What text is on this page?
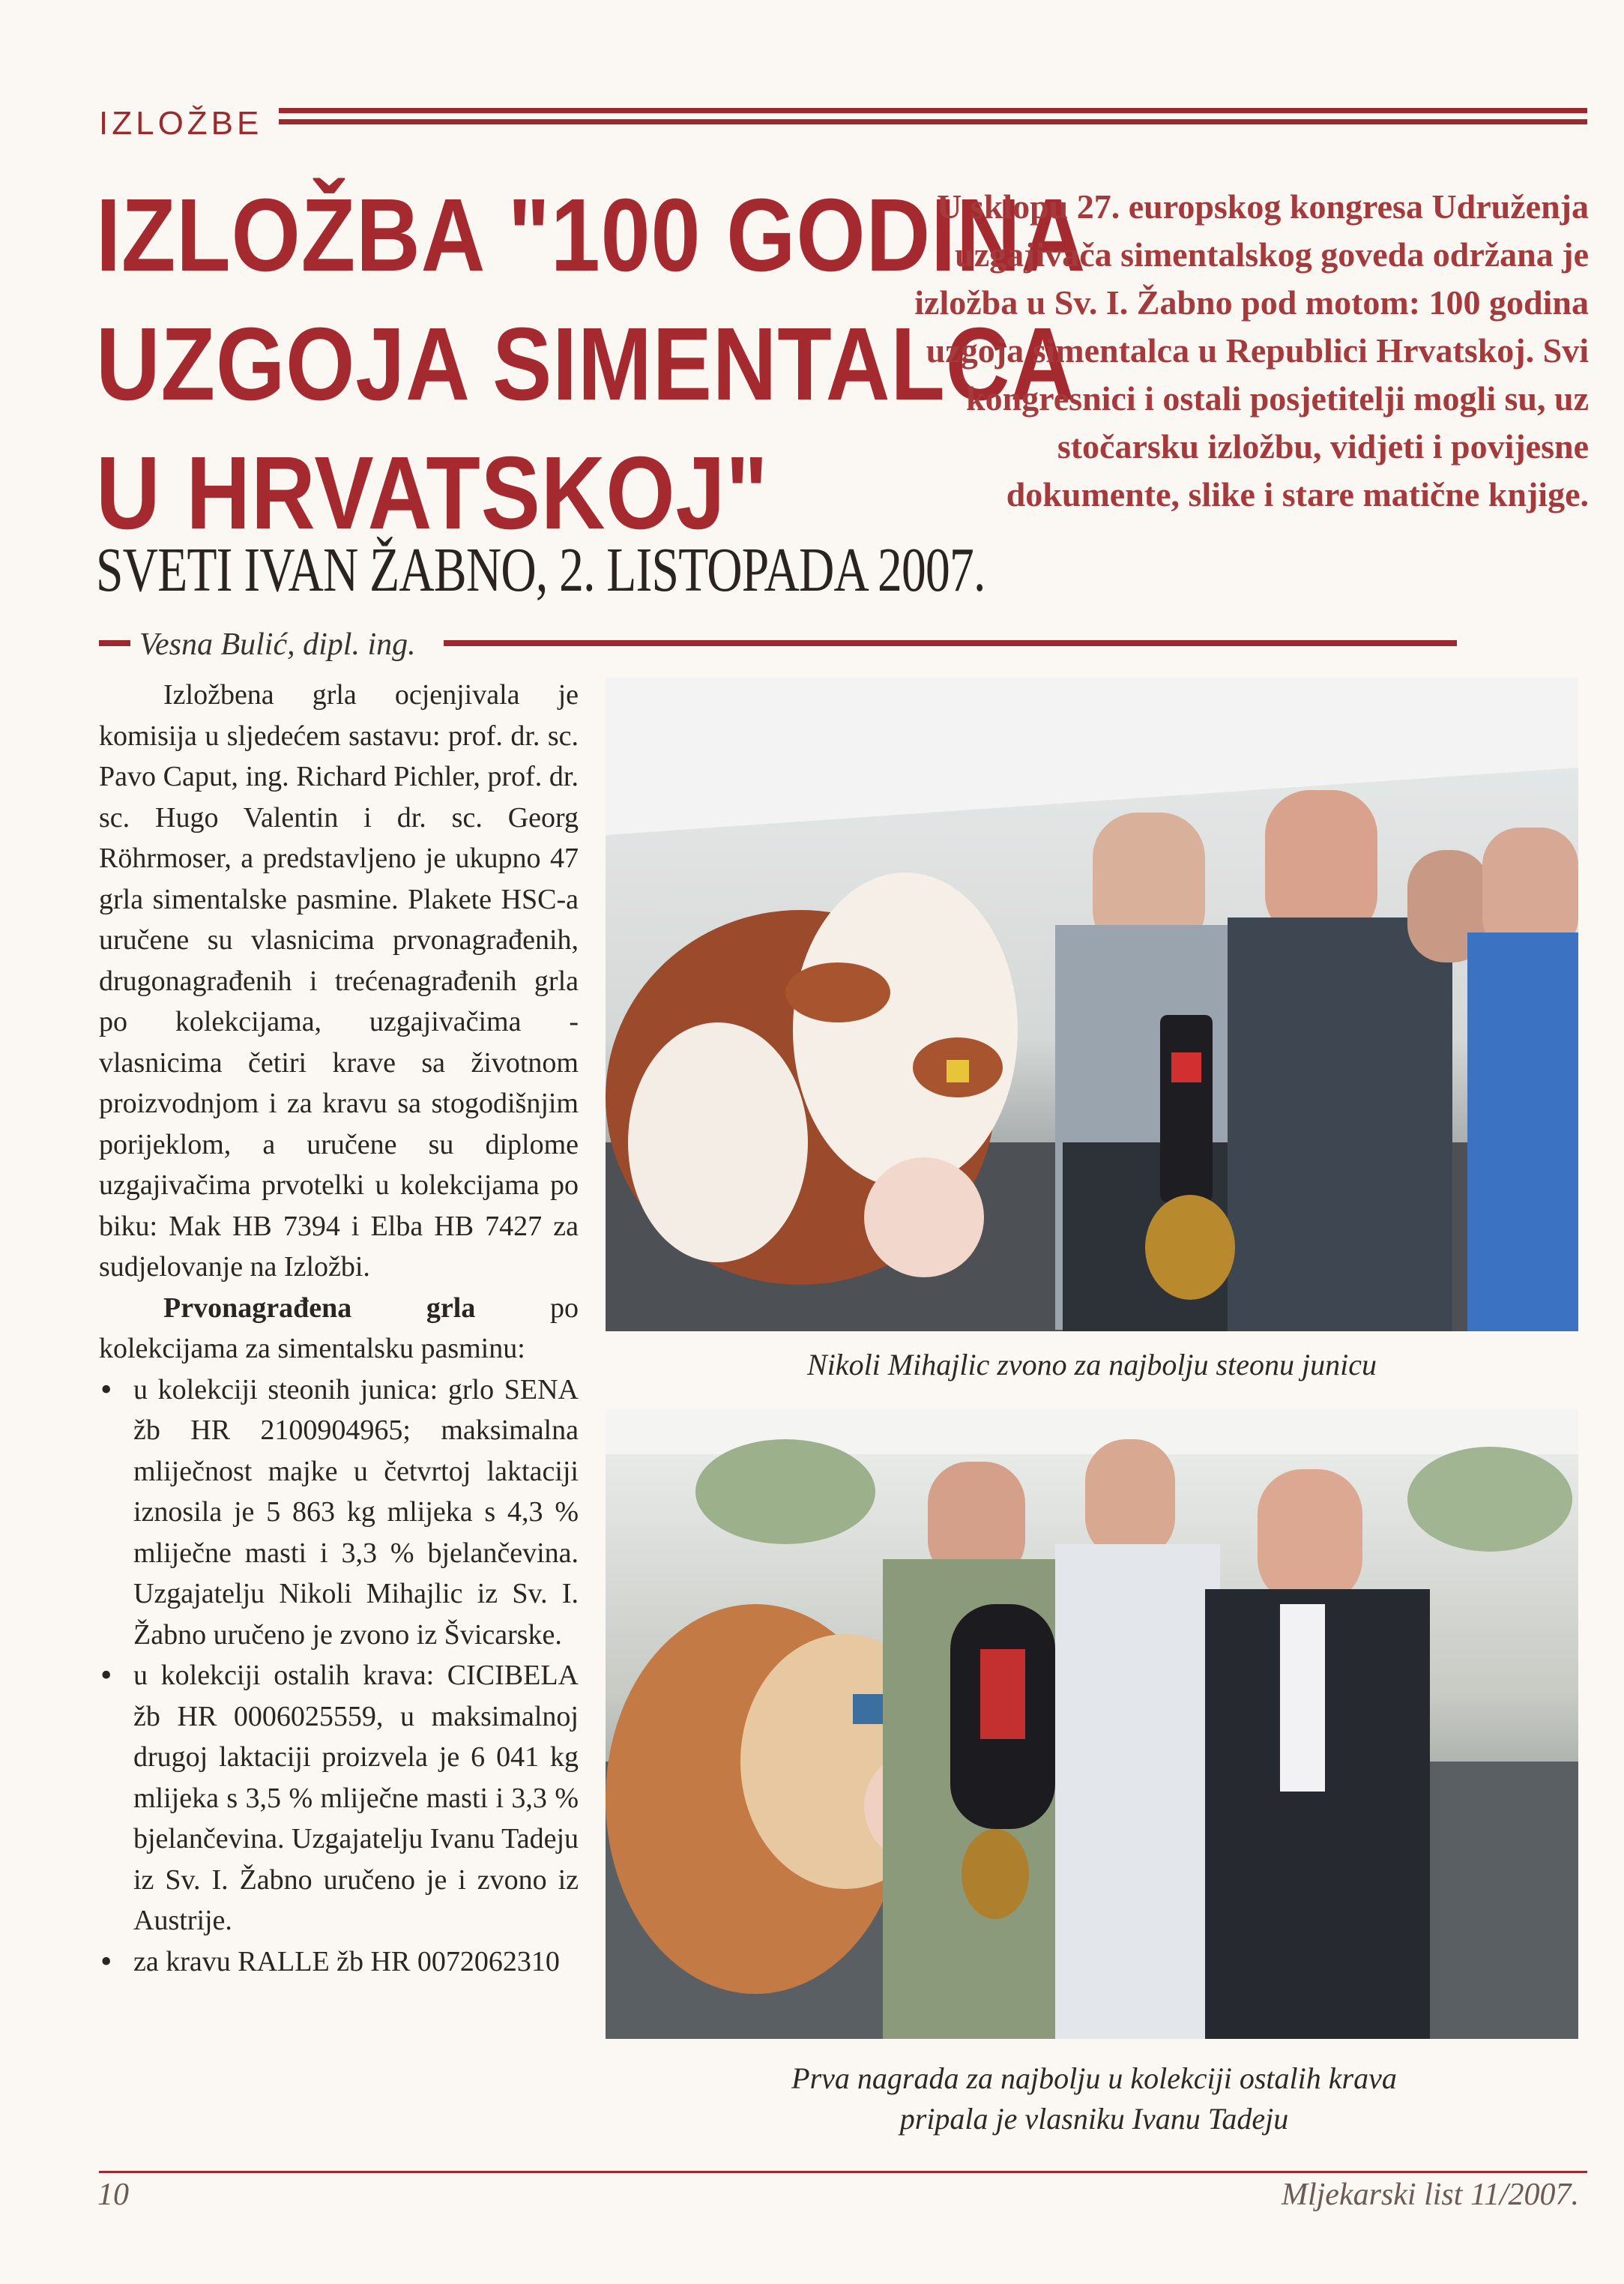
IZLOŽBE
IZLOŽBA "100 GODINA
UZGOJA SIMENTALCA
U HRVATSKOJ"
SVETI IVAN ŽABNO, 2. LISTOPADA 2007.
U sklopu 27. europskog kongresa Udruženja uzgajivača simentalskog goveda održana je izložba u Sv. I. Žabno pod motom: 100 godina uzgoja simentalca u Republici Hrvatskoj. Svi kongresnici i ostali posjetitelji mogli su, uz stočarsku izložbu, vidjeti i povijesne dokumente, slike i stare matične knjige.
Vesna Bulić, dipl. ing.

Izložbena grla ocjenjivala je komisija u sljedećem sastavu: prof. dr. sc. Pavo Caput, ing. Richard Pichler, prof. dr. sc. Hugo Valentin i dr. sc. Georg Röhrmoser, a predstavljeno je ukupno 47 grla simentalske pasmine. Plakete HSC-a uručene su vlasnicima prvonagrađenih, drugonagrađenih i trećenagrađenih grla po kolekcijama, uzgajivačima - vlasnicima četiri krave sa životnom proizvodnjom i za kravu sa stogodišnjim porijeklom, a uručene su diplome uzgajivačima prvotelki u kolekcijama po biku: Mak HB 7394 i Elba HB 7427 za sudjelovanje na Izložbi.

Prvonagrađena grla po kolekcijama za simentalsku pasminu:

• u kolekciji steonih junica: grlo SENA žb HR 2100904965; maksimalna mliječnost majke u četvrtoj laktaciji iznosila je 5 863 kg mlijeka s 4,3 % mliječne masti i 3,3 % bjelančevina. Uzgajatelju Nikoli Mihajlic iz Sv. I. Žabno uručeno je zvono iz Švicarske.
• u kolekciji ostalih krava: CICIBELA žb HR 0006025559, u maksimalnoj drugoj laktaciji proizvela je 6 041 kg mlijeka s 3,5 % mliječne masti i 3,3 % bjelančevina. Uzgajatelju Ivanu Tadeju iz Sv. I. Žabno uručeno je i zvono iz Austrije.
• za kravu RALLE žb HR 0072062310
Nikoli Mihajlic zvono za najbolju steonu junicu
Prva nagrada za najbolju u kolekciji ostalih krava pripala je vlasniku Ivanu Tadeju
10	Mljekarski list 11/2007.
